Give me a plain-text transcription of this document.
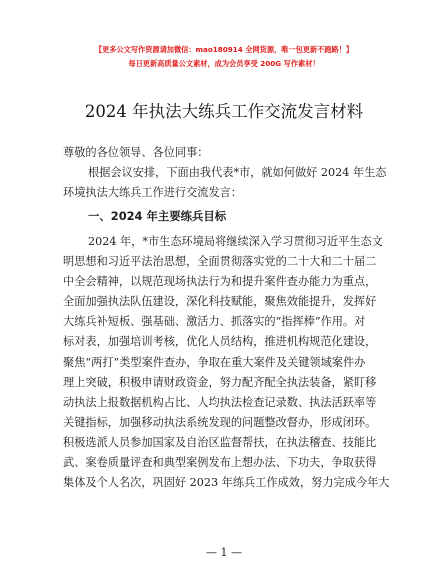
【更多公文写作资源请加微信：mao180914 全网货源，唯一包更新不跑路！】
每日更新高质量公文素材，成为会员享受 200G 写作素材！
2024 年执法大练兵工作交流发言材料
尊敬的各位领导、各位同事：
根据会议安排，下面由我代表*市，就如何做好 2024 年生态
环境执法大练兵工作进行交流发言：
一、2024 年主要练兵目标
2024 年，*市生态环境局将继续深入学习贯彻习近平生态文
明思想和习近平法治思想，全面贯彻落实党的二十大和二十届二
中全会精神，以规范现场执法行为和提升案件查办能力为重点，
全面加强执法队伍建设，深化科技赋能，聚焦效能提升，发挥好
大练兵补短板、强基础、激活力、抓落实的“指挥棒”作用。对
标对表，加强培训考核，优化人员结构，推进机构规范化建设，
聚焦“两打”类型案件查办，争取在重大案件及关键领域案件办
理上突破，积极申请财政资金，努力配齐配全执法装备，紧盯移
动执法上报数据机构占比、人均执法检查记录数、执法活跃率等
关键指标，加强移动执法系统发现的问题整改督办，形成闭环。
积极选派人员参加国家及自治区监督帮扶，在执法稽查、技能比
武、案卷质量评查和典型案例发布上想办法、下功夫，争取获得
集体及个人名次，巩固好 2023 年练兵工作成效，努力完成今年大
— 1 —
